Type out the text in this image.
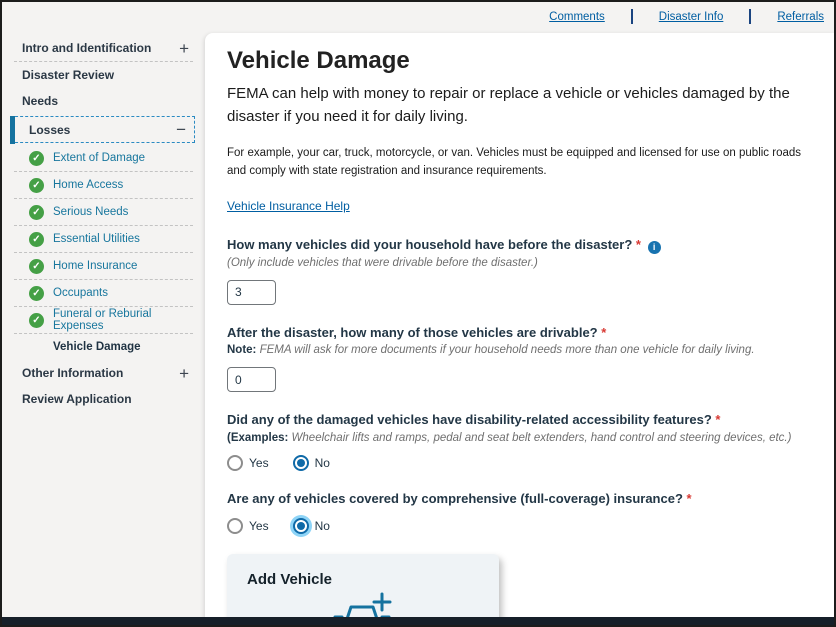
Comments	Disaster Info	Referrals
Intro and Identification +
Disaster Review
Needs
Losses	−
✓
Extent of Damage
✓
Home Access
✓
Serious Needs
✓
Essential Utilities
✓
Home Insurance
✓
Occupants
✓
Funeral or Reburial Expenses
Vehicle Damage
Other Information	+
Review Application
Vehicle Damage

FEMA can help with money to repair or replace a vehicle or vehicles damaged by the disaster if you need it for daily living.

For example, your car, truck, motorcycle, or van. Vehicles must be equipped and licensed for use on public roads and comply with state registration and insurance requirements.

Vehicle Insurance Help
How many vehicles did your household have before the disaster? * i
(Only include vehicles that were drivable before the disaster.)
3
After the disaster, how many of those vehicles are drivable? *
Note: FEMA will ask for more documents if your household needs more than one vehicle for daily living.
0
Did any of the damaged vehicles have disability-related accessibility features? *
(Examples: Wheelchair lifts and ramps, pedal and seat belt extenders, hand control and steering devices, etc.)
Yes	No
Are any of vehicles covered by comprehensive (full-coverage) insurance? *
Yes	No
Add Vehicle
